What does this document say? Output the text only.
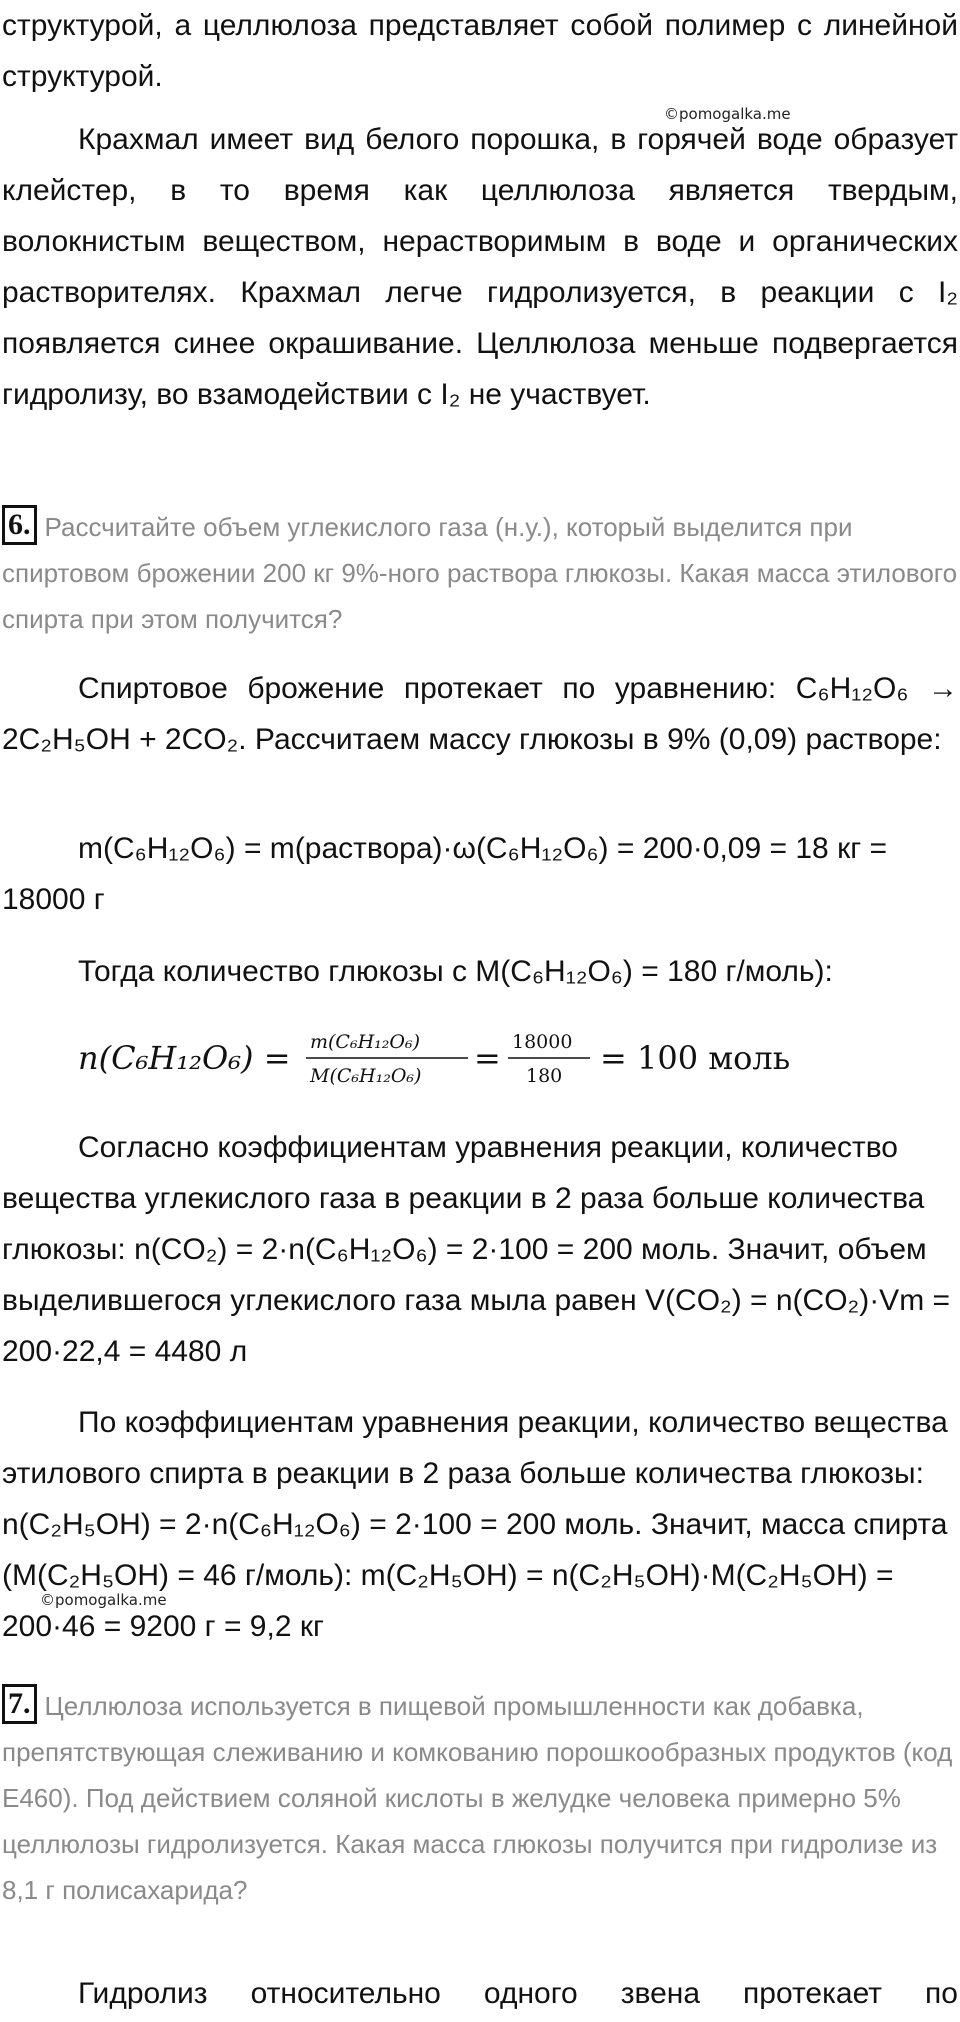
структурой, а целлюлоза представляет собой полимер с линейной структурой.

©pomogalka.me

Крахмал имеет вид белого порошка, в горячей воде образует клейстер, в то время как целлюлоза является твердым, волокнистым веществом, нерастворимым в воде и органических растворителях. Крахмал легче гидролизуется, в реакции с I₂ появляется синее окрашивание. Целлюлоза меньше подвергается гидролизу, во взамодействии с I₂ не участвует.

6. Рассчитайте объем углекислого газа (н.у.), который выделится при спиртовом брожении 200 кг 9%-ного раствора глюкозы. Какая масса этилового спирта при этом получится?

Спиртовое брожение протекает по уравнению: C₆H₁₂O₆ → 2C₂H₅OH + 2CO₂. Рассчитаем массу глюкозы в 9% (0,09) растворе:

m(C₆H₁₂O₆) = m(раствора)·ω(C₆H₁₂O₆) = 200·0,09 = 18 кг = 18000 г

Тогда количество глюкозы с M(C₆H₁₂O₆) = 180 г/моль):

n(C₆H₁₂O₆) = m(C₆H₁₂O₆)
M(C₆H₁₂O₆) = 18000
180 = 100 моль

Согласно коэффициентам уравнения реакции, количество вещества углекислого газа в реакции в 2 раза больше количества глюкозы: n(CO₂) = 2·n(C₆H₁₂O₆) = 2·100 = 200 моль. Значит, объем выделившегося углекислого газа мыла равен V(CO₂) = n(CO₂)·Vm = 200·22,4 = 4480 л

По коэффициентам уравнения реакции, количество вещества этилового спирта в реакции в 2 раза больше количества глюкозы: n(C₂H₅OH) = 2·n(C₆H₁₂O₆) = 2·100 = 200 моль. Значит, масса спирта (M(C₂H₅OH) = 46 г/моль): m(C₂H₅OH) = n(C₂H₅OH)·M(C₂H₅OH) = 200·46 = 9200 г = 9,2 кг

©pomogalka.me

7. Целлюлоза используется в пищевой промышленности как добавка, препятствующая слеживанию и комкованию порошкообразных продуктов (код Е460). Под действием соляной кислоты в желудке человека примерно 5% целлюлозы гидролизуется. Какая масса глюкозы получится при гидролизе из 8,1 г полисахарида?

Гидролиз относительно одного звена протекает по
